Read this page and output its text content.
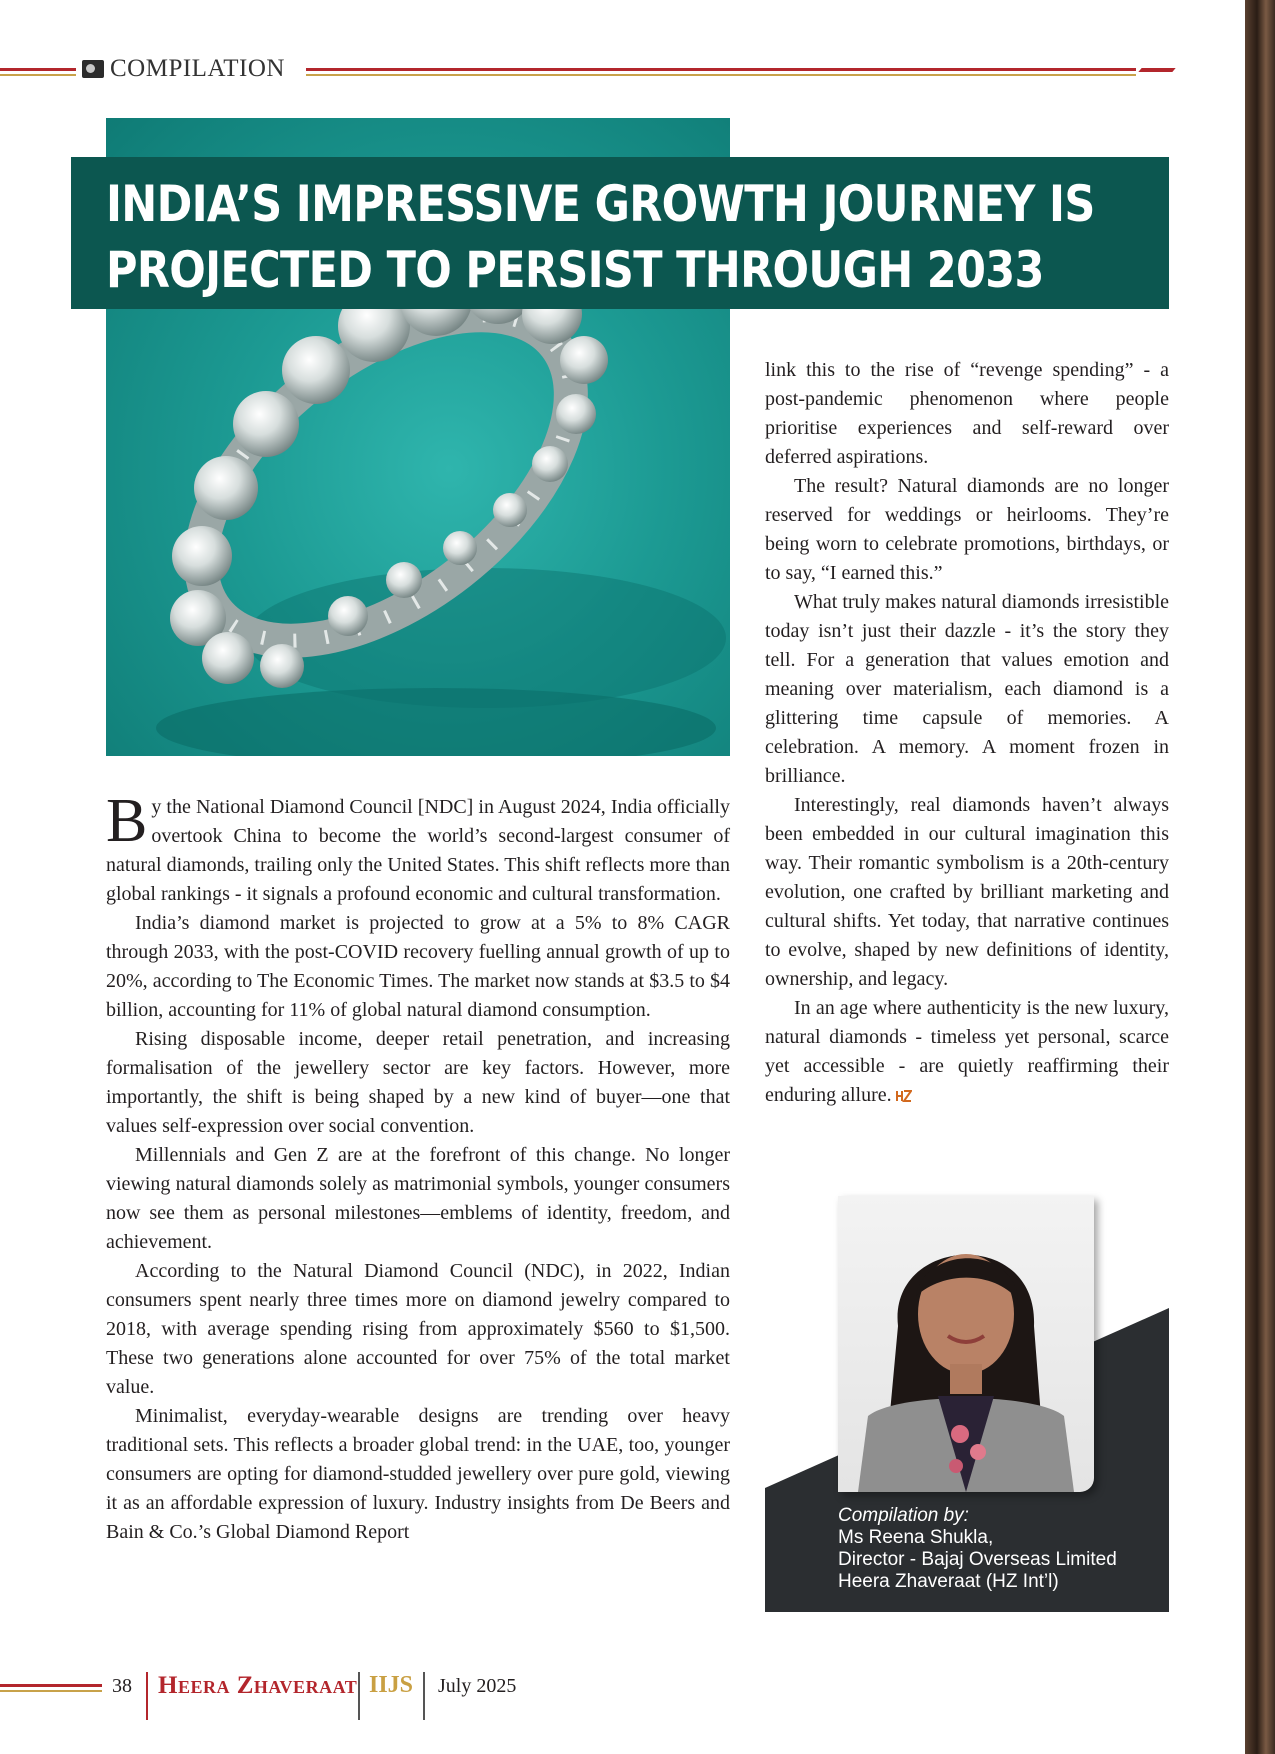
COMPILATION
INDIA’S IMPRESSIVE GROWTH JOURNEY IS
PROJECTED TO PERSIST THROUGH 2033

By the National Diamond Council [NDC] in August 2024, India officially overtook China to become the world’s second-largest consumer of natural diamonds, trailing only the United States. This shift reflects more than global rankings - it signals a profound economic and cultural transformation.

India’s diamond market is projected to grow at a 5% to 8% CAGR through 2033, with the post-COVID recovery fuelling annual growth of up to 20%, according to The Economic Times. The market now stands at $3.5 to $4 billion, accounting for 11% of global natural diamond consumption.

Rising disposable income, deeper retail penetration, and increasing formalisation of the jewellery sector are key factors. However, more importantly, the shift is being shaped by a new kind of buyer—one that values self-expression over social convention.

Millennials and Gen Z are at the forefront of this change. No longer viewing natural diamonds solely as matrimonial symbols, younger consumers now see them as personal milestones—emblems of identity, freedom, and achievement.

According to the Natural Diamond Council (NDC), in 2022, Indian consumers spent nearly three times more on diamond jewelry compared to 2018, with average spending rising from approximately $560 to $1,500. These two generations alone accounted for over 75% of the total market value.

Minimalist, everyday-wearable designs are trending over heavy traditional sets. This reflects a broader global trend: in the UAE, too, younger consumers are opting for diamond-studded jewellery over pure gold, viewing it as an affordable expression of luxury. Industry insights from De Beers and Bain & Co.’s Global Diamond Report

link this to the rise of “revenge spending” - a post-pandemic phenomenon where people prioritise experiences and self-reward over deferred aspirations.

The result? Natural diamonds are no longer reserved for weddings or heirlooms. They’re being worn to celebrate promotions, birthdays, or to say, “I earned this.”

What truly makes natural diamonds irresistible today isn’t just their dazzle - it’s the story they tell. For a generation that values emotion and meaning over materialism, each diamond is a glittering time capsule of memories. A celebration. A memory. A moment frozen in brilliance.

Interestingly, real diamonds haven’t always been embedded in our cultural imagination this way. Their romantic symbolism is a 20th-century evolution, one crafted by brilliant marketing and cultural shifts. Yet today, that narrative continues to evolve, shaped by new definitions of identity, ownership, and legacy.

In an age where authenticity is the new luxury, natural diamonds - timeless yet personal, scarce yet accessible - are quietly reaffirming their enduring allure.

Compilation by:
Ms Reena Shukla,
Director - Bajaj Overseas Limited
Heera Zhaveraat (HZ Int’l)
38 Heera Zhaveraat IIJS July 2025
